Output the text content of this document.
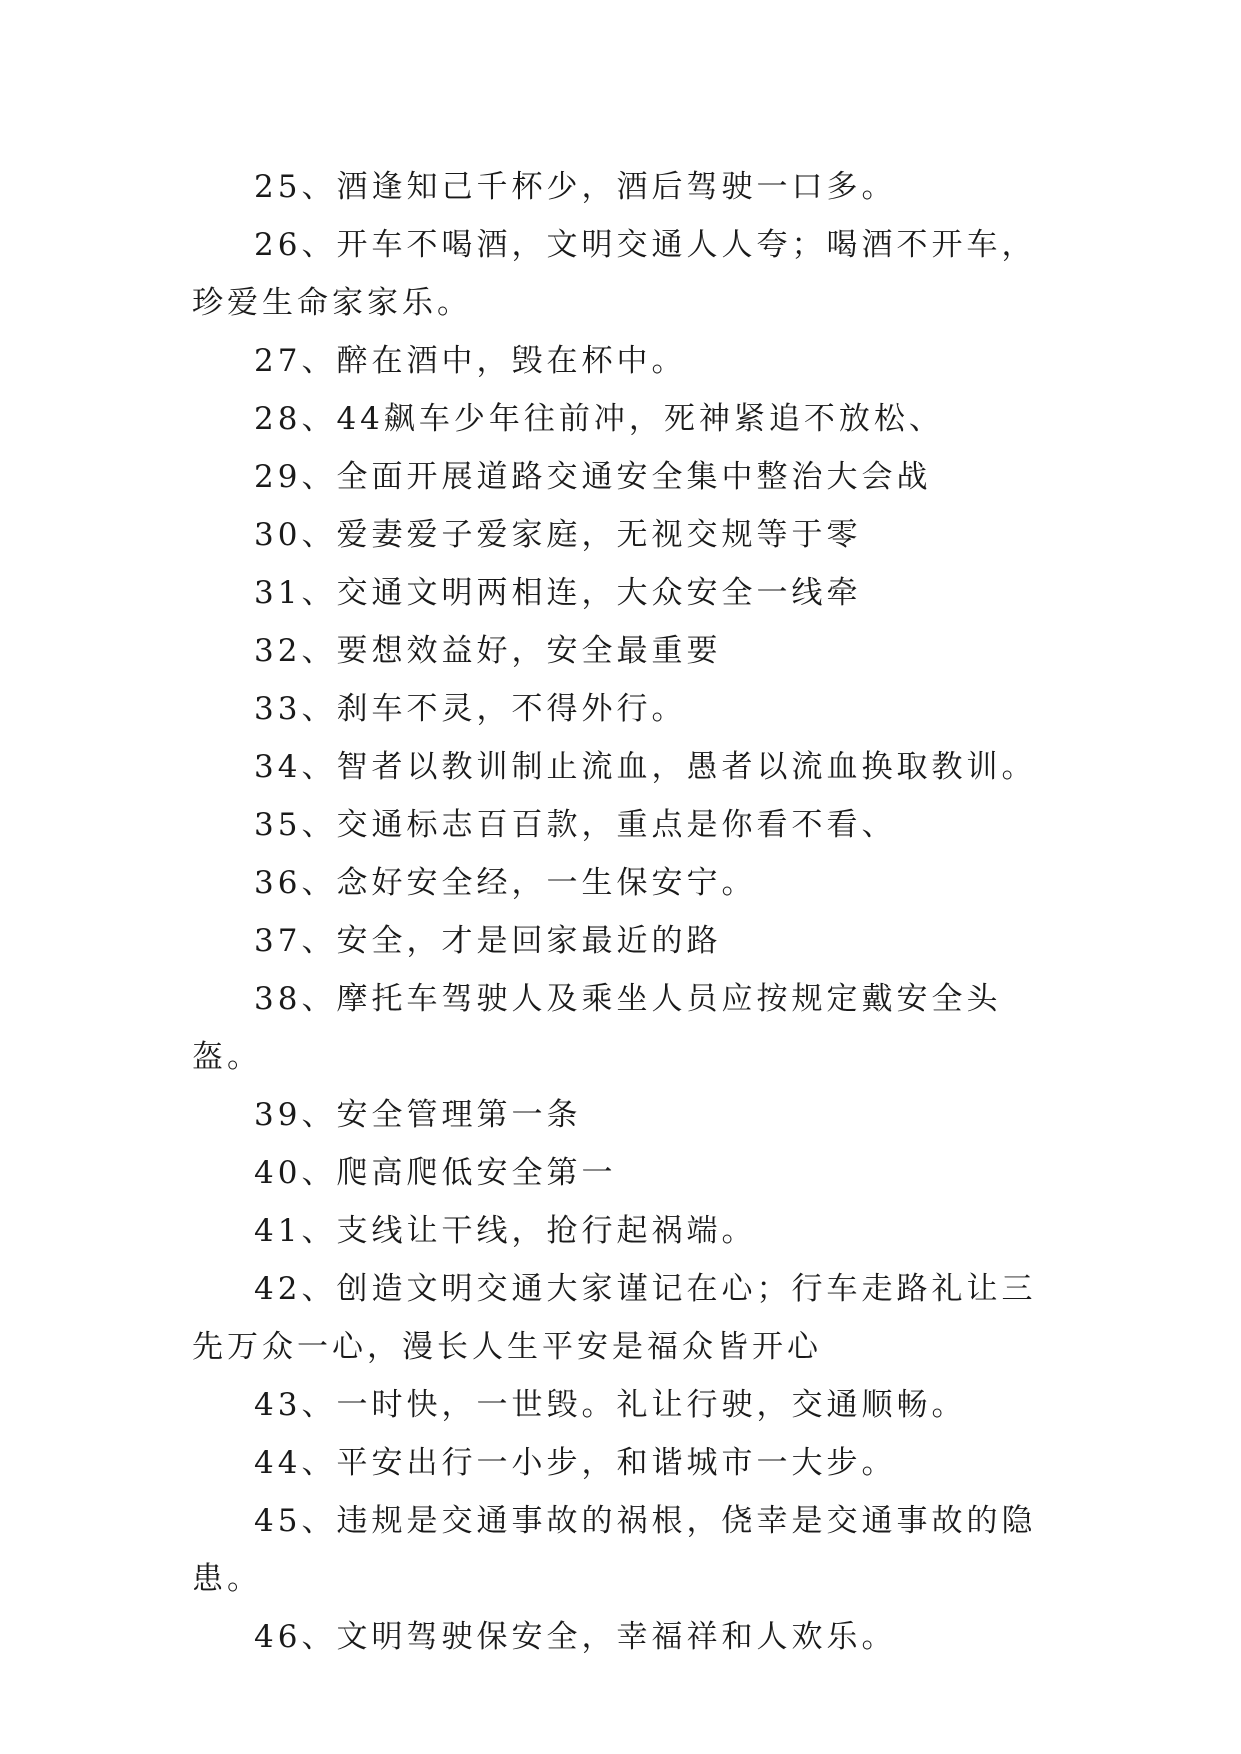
25、酒逢知己千杯少，酒后驾驶一口多。

26、开车不喝酒，文明交通人人夸；喝酒不开车，珍爱生命家家乐。

27、醉在酒中，毁在杯中。

28、44飙车少年往前冲，死神紧追不放松、

29、全面开展道路交通安全集中整治大会战

30、爱妻爱子爱家庭，无视交规等于零

31、交通文明两相连，大众安全一线牵

32、要想效益好，安全最重要

33、刹车不灵，不得外行。

34、智者以教训制止流血，愚者以流血换取教训。

35、交通标志百百款，重点是你看不看、

36、念好安全经，一生保安宁。

37、安全，才是回家最近的路

38、摩托车驾驶人及乘坐人员应按规定戴安全头盔。

39、安全管理第一条

40、爬高爬低安全第一

41、支线让干线，抢行起祸端。

42、创造文明交通大家谨记在心；行车走路礼让三先万众一心，漫长人生平安是福众皆开心

43、一时快，一世毁。礼让行驶，交通顺畅。

44、平安出行一小步，和谐城市一大步。

45、违规是交通事故的祸根，侥幸是交通事故的隐患。

46、文明驾驶保安全，幸福祥和人欢乐。
